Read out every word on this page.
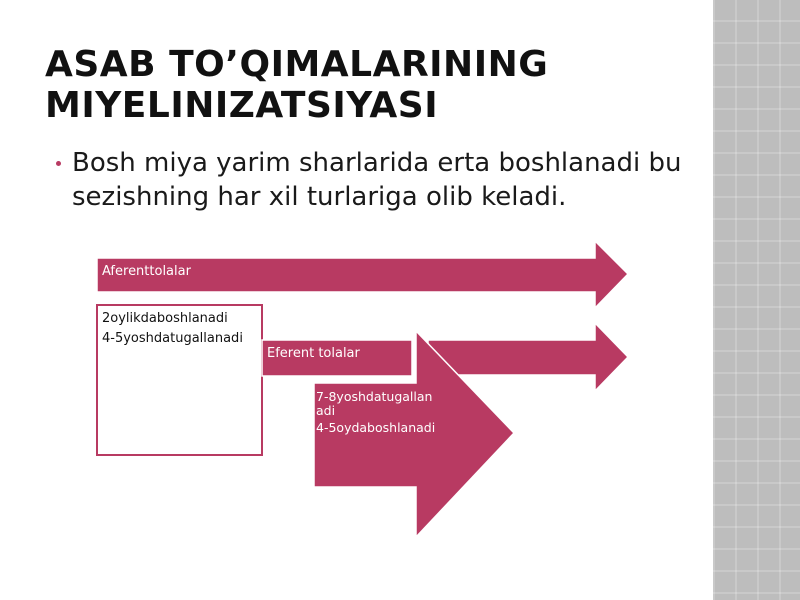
ASAB TO’QIMALARINING MIYELINIZATSIYASI
Bosh miya yarim sharlarida erta boshlanadi bu sezishning har xil turlariga olib keladi.
Aferenttolalar
2oylikdaboshlanadi
4-5yoshdatugallanadi
Eferent tolalar
7-8yoshdatugallanadi
4-5oydaboshlanadi
